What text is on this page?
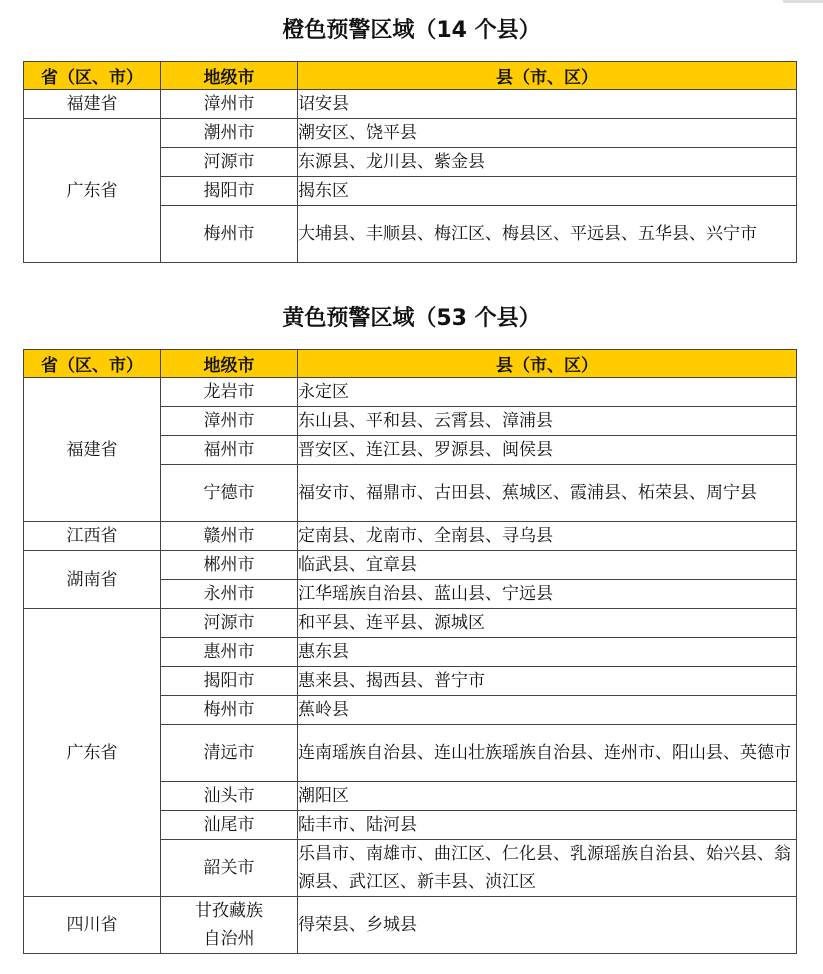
橙色预警区域（14 个县）
省（区、市）	地级市	县（市、区）
福建省	漳州市	诏安县
广东省	潮州市	潮安区、饶平县
	河源市	东源县、龙川县、紫金县
	揭阳市	揭东区
	梅州市	大埔县、丰顺县、梅江区、梅县区、平远县、五华县、兴宁市
黄色预警区域（53 个县）
省（区、市）	地级市	县（市、区）
福建省	龙岩市	永定区
	漳州市	东山县、平和县、云霄县、漳浦县
	福州市	晋安区、连江县、罗源县、闽侯县
	宁德市	福安市、福鼎市、古田县、蕉城区、霞浦县、柘荣县、周宁县
江西省	赣州市	定南县、龙南市、全南县、寻乌县
湖南省	郴州市	临武县、宜章县
	永州市	江华瑶族自治县、蓝山县、宁远县
广东省	河源市	和平县、连平县、源城区
	惠州市	惠东县
	揭阳市	惠来县、揭西县、普宁市
	梅州市	蕉岭县
	清远市	连南瑶族自治县、连山壮族瑶族自治县、连州市、阳山县、英德市
	汕头市	潮阳区
	汕尾市	陆丰市、陆河县
	韶关市	乐昌市、南雄市、曲江区、仁化县、乳源瑶族自治县、始兴县、翁源县、武江区、新丰县、浈江区
四川省	甘孜藏族自治州	得荣县、乡城县
